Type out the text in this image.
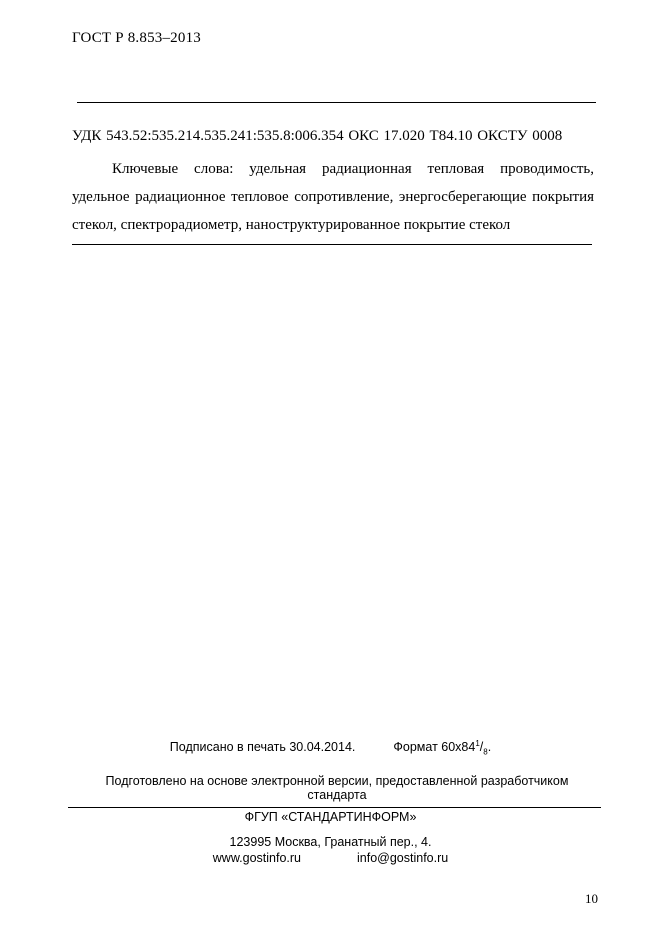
ГОСТ Р 8.853–2013
УДК 543.52:535.214.535.241:535.8:006.354 ОКС 17.020 Т84.10 ОКСТУ 0008
Ключевые слова: удельная радиационная тепловая проводимость, удельное радиационное тепловое сопротивление, энергосберегающие покрытия стекол, спектрорадиометр, наноструктурированное покрытие стекол
Подписано в печать 30.04.2014.	Формат $60х84^1/_8$.
Подготовлено на основе электронной версии, предоставленной разработчиком стандарта
ФГУП «СТАНДАРТИНФОРМ»
123995 Москва, Гранатный пер., 4.
www.gostinfo.ru	info@gostinfo.ru
10
